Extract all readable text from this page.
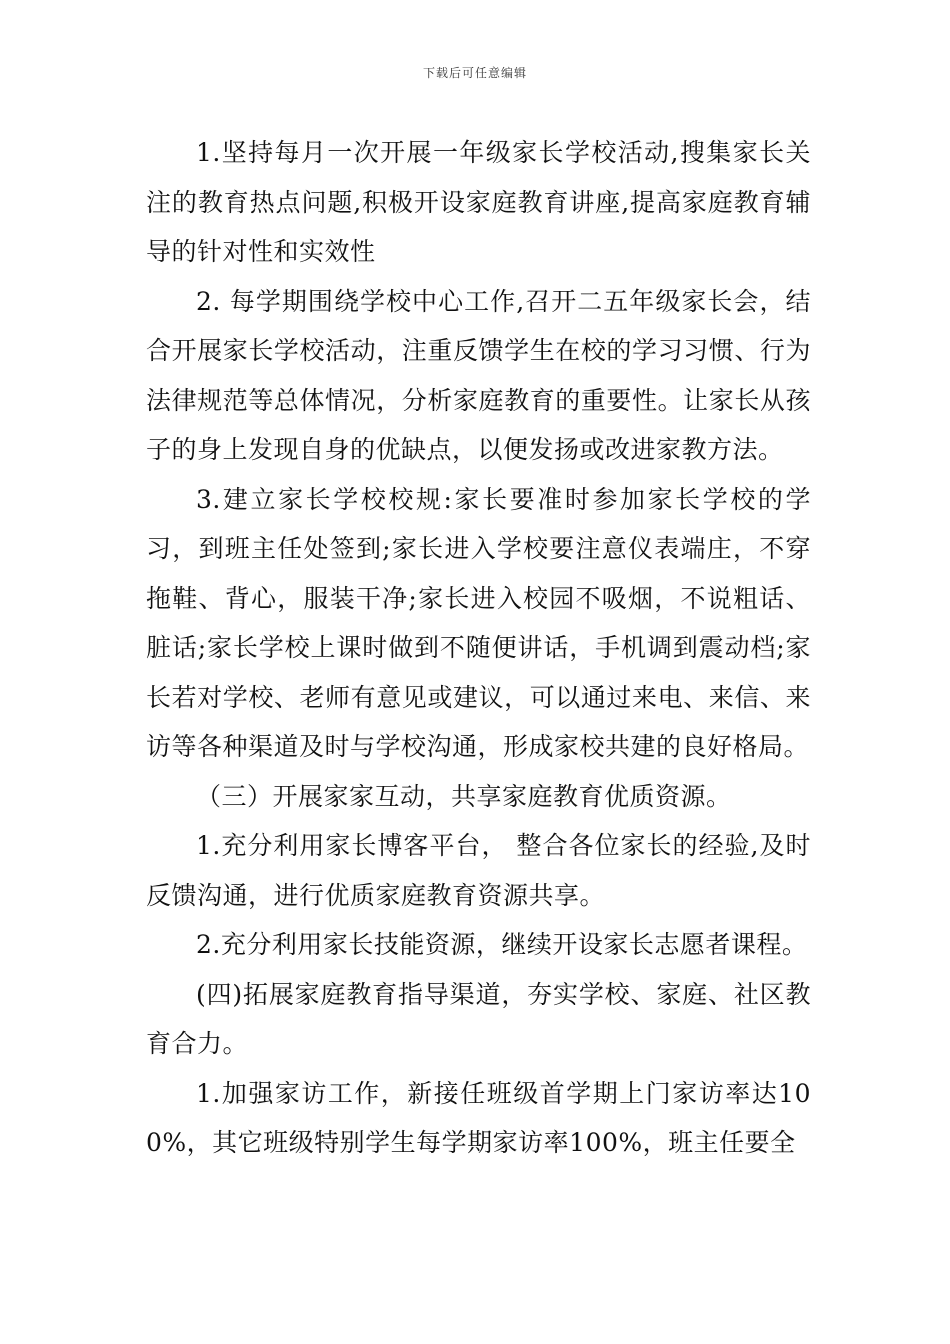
下载后可任意编辑

1.坚持每月一次开展一年级家长学校活动,搜集家长关注的教育热点问题,积极开设家庭教育讲座,提高家庭教育辅导的针对性和实效性

2. 每学期围绕学校中心工作,召开二五年级家长会，结合开展家长学校活动，注重反馈学生在校的学习习惯、行为法律规范等总体情况，分析家庭教育的重要性。让家长从孩子的身上发现自身的优缺点，以便发扬或改进家教方法。

3.建立家长学校校规:家长要准时参加家长学校的学习，到班主任处签到;家长进入学校要注意仪表端庄，不穿拖鞋、背心，服装干净;家长进入校园不吸烟，不说粗话、脏话;家长学校上课时做到不随便讲话，手机调到震动档;家长若对学校、老师有意见或建议，可以通过来电、来信、来访等各种渠道及时与学校沟通，形成家校共建的良好格局。

（三）开展家家互动，共享家庭教育优质资源。

1.充分利用家长博客平台， 整合各位家长的经验,及时反馈沟通，进行优质家庭教育资源共享。

2.充分利用家长技能资源，继续开设家长志愿者课程。

(四)拓展家庭教育指导渠道，夯实学校、家庭、社区教育合力。

1.加强家访工作，新接任班级首学期上门家访率达100%，其它班级特别学生每学期家访率100%，班主任要全
